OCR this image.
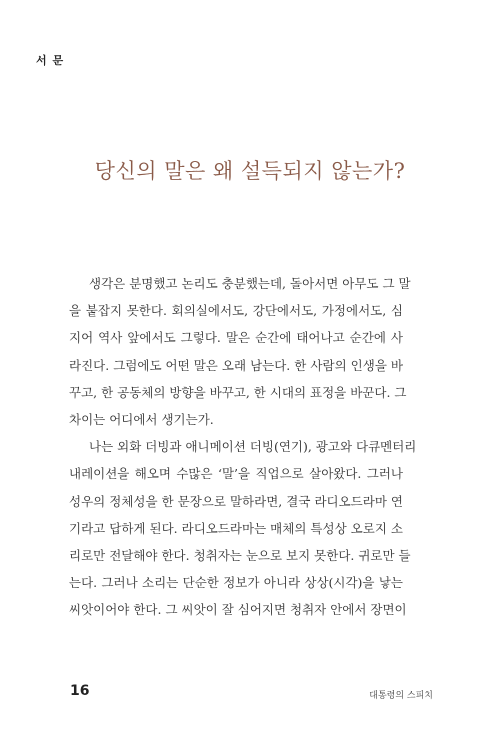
서 문
당신의 말은 왜 설득되지 않는가?

생각은 분명했고 논리도 충분했는데, 돌아서면 아무도 그 말
을 붙잡지 못한다. 회의실에서도, 강단에서도, 가정에서도, 심
지어 역사 앞에서도 그렇다. 말은 순간에 태어나고 순간에 사
라진다. 그럼에도 어떤 말은 오래 남는다. 한 사람의 인생을 바
꾸고, 한 공동체의 방향을 바꾸고, 한 시대의 표정을 바꾼다. 그
차이는 어디에서 생기는가.

나는 외화 더빙과 애니메이션 더빙(연기), 광고와 다큐멘터리
내레이션을 해오며 수많은 ‘말’을 직업으로 살아왔다. 그러나
성우의 정체성을 한 문장으로 말하라면, 결국 라디오드라마 연
기라고 답하게 된다. 라디오드라마는 매체의 특성상 오로지 소
리로만 전달해야 한다. 청취자는 눈으로 보지 못한다. 귀로만 들
는다. 그러나 소리는 단순한 정보가 아니라 상상(시각)을 낳는
씨앗이어야 한다. 그 씨앗이 잘 심어지면 청취자 안에서 장면이

16	대통령의 스피치
